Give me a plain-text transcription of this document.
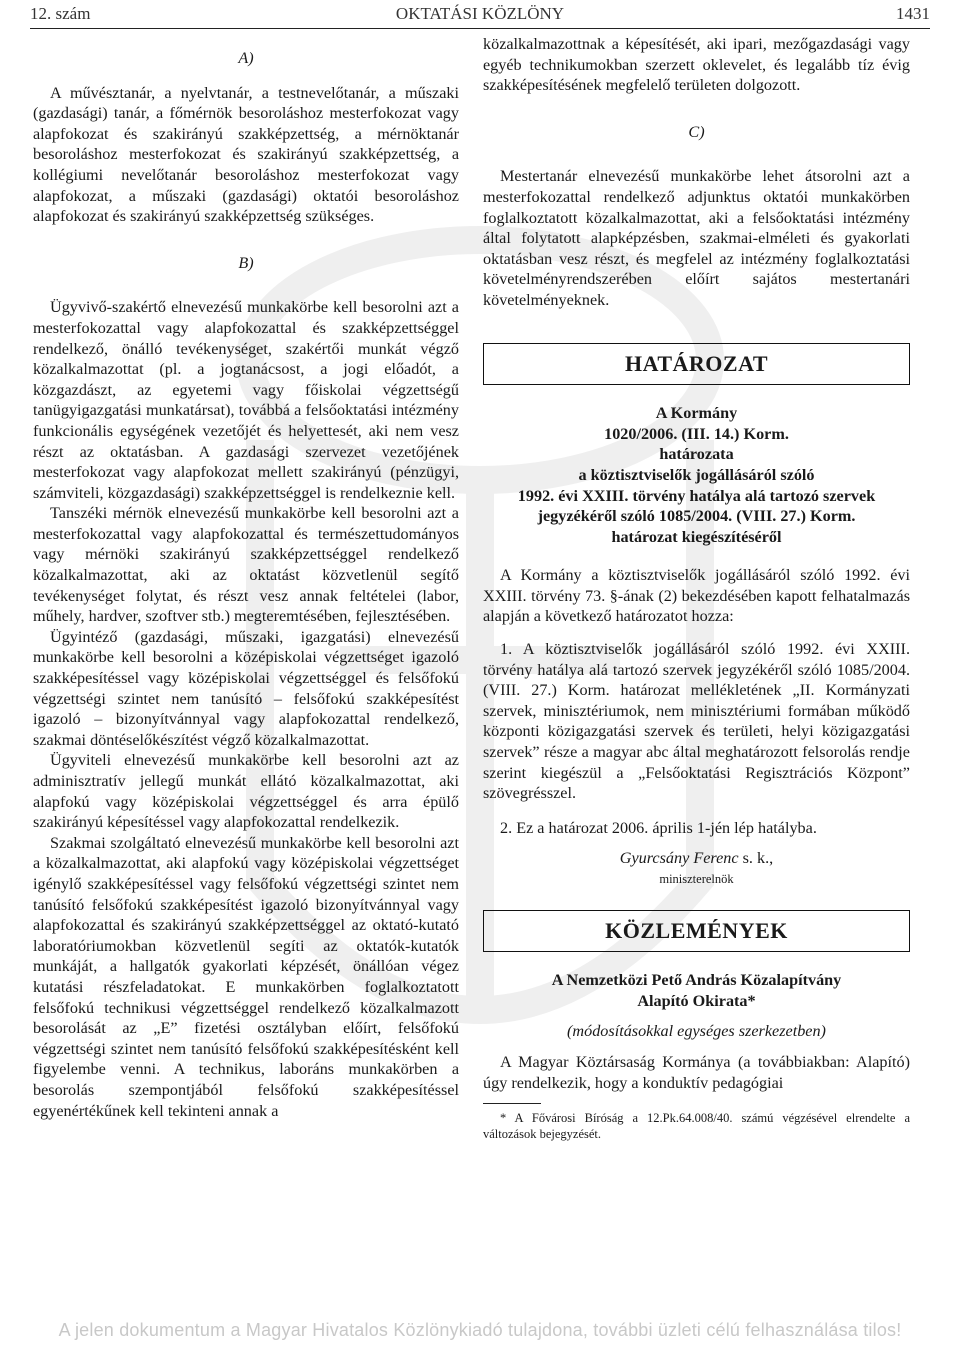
12. szám	OKTATÁSI KÖZLÖNY	1431

A)

A művésztanár, a nyelvtanár, a testnevelőtanár, a műszaki (gazdasági) tanár, a főmérnök besoroláshoz mesterfokozat vagy alapfokozat és szakirányú szakképzettség, a mérnöktanár besoroláshoz mesterfokozat és szakirányú szakképzettség, a kollégiumi nevelőtanár besoroláshoz mesterfokozat vagy alapfokozat, a műszaki (gazdasági) oktatói besoroláshoz alapfokozat és szakirányú szakképzettség szükséges.

B)

Ügyvivő-szakértő elnevezésű munkakörbe kell besorolni azt a mesterfokozattal vagy alapfokozattal és szakképzettséggel rendelkező, önálló tevékenységet, szakértői munkát végző közalkalmazottat (pl. a jogtanácsost, a jogi előadót, a közgazdászt, az egyetemi vagy főiskolai végzettségű tanügyigazgatási munkatársat), továbbá a felsőoktatási intézmény funkcionális egységének vezetőjét és helyettesét, aki nem vesz részt az oktatásban. A gazdasági szervezet vezetőjének mesterfokozat vagy alapfokozat mellett szakirányú (pénzügyi, számviteli, közgazdasági) szakképzettséggel is rendelkeznie kell.

Tanszéki mérnök elnevezésű munkakörbe kell besorolni azt a mesterfokozattal vagy alapfokozattal és természettudományos vagy mérnöki szakirányú szakképzettséggel rendelkező közalkalmazottat, aki az oktatást közvetlenül segítő tevékenységet folytat, és részt vesz annak feltételei (labor, műhely, hardver, szoftver stb.) megteremtésében, fejlesztésében.

Ügyintéző (gazdasági, műszaki, igazgatási) elnevezésű munkakörbe kell besorolni a középiskolai végzettséget igazoló szakképesítéssel vagy középiskolai végzettséggel és felsőfokú végzettségi szintet nem tanúsító – felsőfokú szakképesítést igazoló – bizonyítvánnyal vagy alapfokozattal rendelkező, szakmai döntéselőkészítést végző közalkalmazottat.

Ügyviteli elnevezésű munkakörbe kell besorolni azt az adminisztratív jellegű munkát ellátó közalkalmazottat, aki alapfokú vagy középiskolai végzettséggel és arra épülő szakirányú képesítéssel vagy alapfokozattal rendelkezik.

Szakmai szolgáltató elnevezésű munkakörbe kell besorolni azt a közalkalmazottat, aki alapfokú vagy középiskolai végzettséget igénylő szakképesítéssel vagy felsőfokú végzettségi szintet nem tanúsító felsőfokú szakképesítést igazoló bizonyítvánnyal vagy alapfokozattal és szakirányú szakképzettséggel az oktató-kutató laboratóriumokban közvetlenül segíti az oktatók-kutatók munkáját, a hallgatók gyakorlati képzését, önállóan végez kutatási részfeladatokat. E munkakörben foglalkoztatott felsőfokú technikusi végzettséggel rendelkező közalkalmazott besorolását az „E” fizetési osztályban előírt, felsőfokú végzettségi szintet nem tanúsító felsőfokú szakképesítésként kell figyelembe venni. A technikus, laboráns munkakörben a besorolás szempontjából felsőfokú szakképesítéssel egyenértékűnek kell tekinteni annak a

közalkalmazottnak a képesítését, aki ipari, mezőgazdasági vagy egyéb technikumokban szerzett oklevelet, és legalább tíz évig szakképesítésének megfelelő területen dolgozott.

C)

Mestertanár elnevezésű munkakörbe lehet átsorolni azt a mesterfokozattal rendelkező adjunktus oktatói munkakörben foglalkoztatott közalkalmazottat, aki a felsőoktatási intézmény által folytatott alapképzésben, szakmai-elméleti és gyakorlati oktatásban vesz részt, és megfelel az intézmény foglalkoztatási követelményrendszerében előírt sajátos mestertanári követelményeknek.

HATÁROZAT
A Kormány
1020/2006. (III. 14.) Korm.
határozata
a köztisztviselők jogállásáról szóló
1992. évi XXIII. törvény hatálya alá tartozó szervek
jegyzékéről szóló 1085/2004. (VIII. 27.) Korm.
határozat kiegészítéséről

A Kormány a köztisztviselők jogállásáról szóló 1992. évi XXIII. törvény 73. §-ának (2) bekezdésében kapott felhatalmazás alapján a következő határozatot hozza:

1. A köztisztviselők jogállásáról szóló 1992. évi XXIII. törvény hatálya alá tartozó szervek jegyzékéről szóló 1085/2004. (VIII. 27.) Korm. határozat mellékletének „II. Kormányzati szervek, minisztériumok, nem minisztériumi formában működő központi közigazgatási szervek és területi, helyi közigazgatási szervek” része a magyar abc által meghatározott felsorolás rendje szerint kiegészül a „Felsőoktatási Regisztrációs Központ” szövegrésszel.

2. Ez a határozat 2006. április 1-jén lép hatályba.

Gyurcsány Ferenc s. k.,
miniszterelnök
KÖZLEMÉNYEK
A Nemzetközi Pető András Közalapítvány
Alapító Okirata*

(módosításokkal egységes szerkezetben)

A Magyar Köztársaság Kormánya (a továbbiakban: Alapító) úgy rendelkezik, hogy a konduktív pedagógiai

* A Fővárosi Bíróság a 12.Pk.64.008/40. számú végzésével elrendelte a változások bejegyzését.

A jelen dokumentum a Magyar Hivatalos Közlönykiadó tulajdona, további üzleti célú felhasználása tilos!
